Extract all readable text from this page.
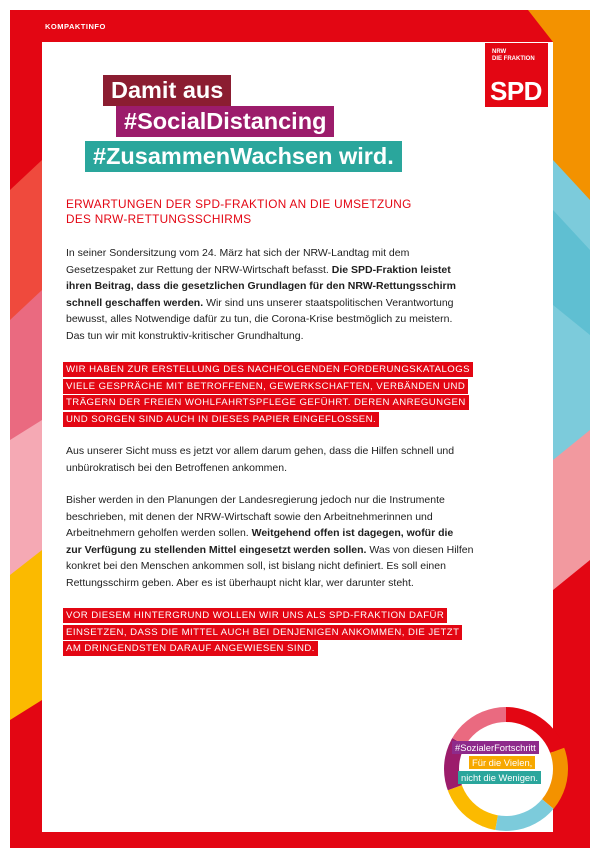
KOMPAKTINFO
NRW
DIE FRAKTION
SPD
Damit aus
#SocialDistancing
#ZusammenWachsen wird.
ERWARTUNGEN DER SPD-FRAKTION AN DIE UMSETZUNG
DES NRW-RETTUNGSSCHIRMS
In seiner Sondersitzung vom 24. März hat sich der NRW-Landtag mit dem
Gesetzespaket zur Rettung der NRW-Wirtschaft befasst. Die SPD-Fraktion leistet
ihren Beitrag, dass die gesetzlichen Grundlagen für den NRW-Rettungsschirm
schnell geschaffen werden. Wir sind uns unserer staatspolitischen Verantwortung
bewusst, alles Notwendige dafür zu tun, die Corona-Krise bestmöglich zu meistern.
Das tun wir mit konstruktiv-kritischer Grundhaltung.
WIR HABEN ZUR ERSTELLUNG DES NACHFOLGENDEN FORDERUNGSKATALOGS
VIELE GESPRÄCHE MIT BETROFFENEN, GEWERKSCHAFTEN, VERBÄNDEN UND
TRÄGERN DER FREIEN WOHLFAHRTSPFLEGE GEFÜHRT. DEREN ANREGUNGEN
UND SORGEN SIND AUCH IN DIESES PAPIER EINGEFLOSSEN.
Aus unserer Sicht muss es jetzt vor allem darum gehen, dass die Hilfen schnell und
unbürokratisch bei den Betroffenen ankommen.
Bisher werden in den Planungen der Landesregierung jedoch nur die Instrumente
beschrieben, mit denen der NRW-Wirtschaft sowie den Arbeitnehmerinnen und
Arbeitnehmern geholfen werden sollen. Weitgehend offen ist dagegen, wofür die
zur Verfügung zu stellenden Mittel eingesetzt werden sollen. Was von diesen Hilfen
konkret bei den Menschen ankommen soll, ist bislang nicht definiert. Es soll einen
Rettungsschirm geben. Aber es ist überhaupt nicht klar, wer darunter steht.
VOR DIESEM HINTERGRUND WOLLEN WIR UNS ALS SPD-FRAKTION DAFÜR
EINSETZEN, DASS DIE MITTEL AUCH BEI DENJENIGEN ANKOMMEN, DIE JETZT
AM DRINGENDSTEN DARAUF ANGEWIESEN SIND.
#SozialerFortschritt
Für die Vielen,
nicht die Wenigen.
